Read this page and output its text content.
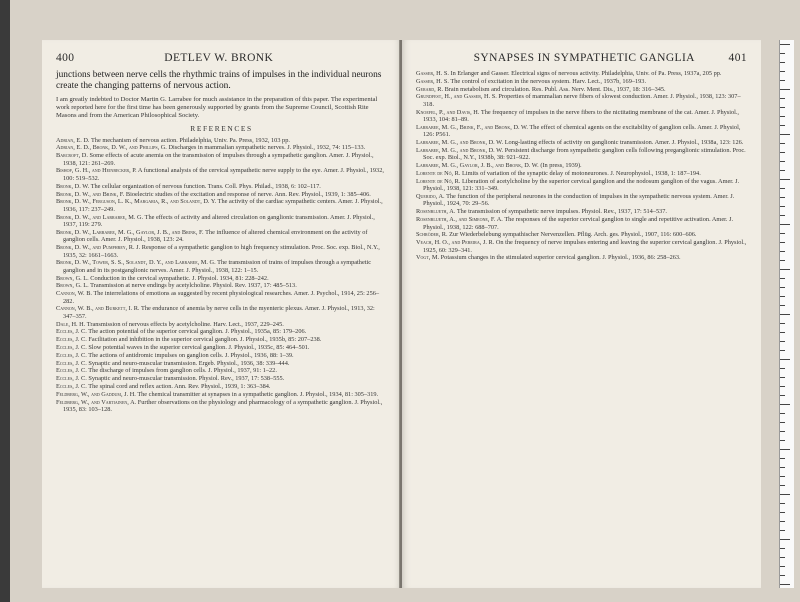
400	DETLEV W. BRONK

junctions between nerve cells the rhythmic trains of impulses in the individual neurons create the changing patterns of nervous action.

I am greatly indebted to Doctor Martin G. Larrabee for much assistance in the preparation of this paper. The experimental work reported here for the first time has been generously supported by grants from the Supreme Council, Scottish Rite Masons and from the American Philosophical Society.

REFERENCES
Adrian, E. D. The mechanism of nervous action. Philadelphia, Univ. Pa. Press, 1932, 103 pp.
Adrian, E. D., Bronk, D. W., and Phillips, G. Discharges in mammalian sympathetic nerves. J. Physiol., 1932, 74: 115–133.
Barcroft, D. Some effects of acute anemia on the transmission of impulses through a sympathetic ganglion. Amer. J. Physiol., 1938, 121: 261–269.
Bishop, G. H., and Heinbecker, P. A functional analysis of the cervical sympathetic nerve supply to the eye. Amer. J. Physiol., 1932, 100: 519–532.
Bronk, D. W. The cellular organization of nervous function. Trans. Coll. Phys. Philad., 1938, 6: 102–117.
Bronk, D. W., and Brink, F. Bioelectric studies of the excitation and response of nerve. Ann. Rev. Physiol., 1939, 1: 385–406.
Bronk, D. W., Ferguson, L. K., Margaria, R., and Solandt, D. Y. The activity of the cardiac sympathetic centers. Amer. J. Physiol., 1936, 117: 237–249.
Bronk, D. W., and Larrabee, M. G. The effects of activity and altered circulation on ganglionic transmission. Amer. J. Physiol., 1937, 119: 279.
Bronk, D. W., Larrabee, M. G., Gaylor, J. B., and Brink, F. The influence of altered chemical environment on the activity of ganglion cells. Amer. J. Physiol., 1938, 123: 24.
Bronk, D. W., and Pumphrey, R. J. Response of a sympathetic ganglion to high frequency stimulation. Proc. Soc. exp. Biol., N.Y., 1935, 32: 1661–1663.
Bronk, D. W., Tower, S. S., Solandt, D. Y., and Larrabee, M. G. The transmission of trains of impulses through a sympathetic ganglion and in its postganglionic nerves. Amer. J. Physiol., 1938, 122: 1–15.
Brown, G. L. Conduction in the cervical sympathetic. J. Physiol. 1934, 81: 228–242.
Brown, G. L. Transmission at nerve endings by acetylcholine. Physiol. Rev. 1937, 17: 485–513.
Cannon, W. B. The interrelations of emotions as suggested by recent physiological researches. Amer. J. Psychol., 1914, 25: 256–282.
Cannon, W. B., and Burkett, I. R. The endurance of anemia by nerve cells in the myenteric plexus. Amer. J. Physiol., 1913, 32: 347–357.
Dale, H. H. Transmission of nervous effects by acetylcholine. Harv. Lect., 1937, 229–245.
Eccles, J. C. The action potential of the superior cervical ganglion. J. Physiol., 1935a, 85: 179–206.
Eccles, J. C. Facilitation and inhibition in the superior cervical ganglion. J. Physiol., 1935b, 85: 207–238.
Eccles, J. C. Slow potential waves in the superior cervical ganglion. J. Physiol., 1935c, 85: 464–501.
Eccles, J. C. The actions of antidromic impulses on ganglion cells. J. Physiol., 1936, 88: 1–39.
Eccles, J. C. Synaptic and neuro-muscular transmission. Ergeb. Physiol., 1936, 38: 339–444.
Eccles, J. C. The discharge of impulses from ganglion cells. J. Physiol., 1937, 91: 1–22.
Eccles, J. C. Synaptic and neuro-muscular transmission. Physiol. Rev., 1937, 17: 538–555.
Eccles, J. C. The spinal cord and reflex action. Ann. Rev. Physiol., 1939, 1: 363–384.
Feldberg, W., and Gaddum, J. H. The chemical transmitter at synapses in a sympathetic ganglion. J. Physiol., 1934, 81: 305–319.
Feldberg, W., and Vartiainen, A. Further observations on the physiology and pharmacology of a sympathetic ganglion. J. Physiol., 1935, 83: 103–128.
SYNAPSES IN SYMPATHETIC GANGLIA	401
Gasser, H. S. In Erlanger and Gasser. Electrical signs of nervous activity. Philadelphia, Univ. of Pa. Press, 1937a, 205 pp.
Gasser, H. S. The control of excitation in the nervous system. Harv. Lect., 1937b, 169–193.
Gerard, R. Brain metabolism and circulation. Res. Publ. Ass. Nerv. Ment. Dis., 1937, 18: 316–345.
Grundfest, H., and Gasser, H. S. Properties of mammalian nerve fibers of slowest conduction. Amer. J. Physiol., 1938, 123: 307–318.
Knoefel, P., and Davis, H. The frequency of impulses in the nerve fibers to the nictitating membrane of the cat. Amer. J. Physiol., 1933, 104: 81–89.
Larrabee, M. G., Brink, F., and Bronk, D. W. The effect of chemical agents on the excitability of ganglion cells. Amer. J. Physiol, 126: P561.
Larrabee, M. G., and Bronk, D. W. Long-lasting effects of activity on ganglionic transmission. Amer. J. Physiol., 1938a, 123: 126.
Larrabee, M. G., and Bronk, D. W. Persistent discharge from sympathetic ganglion cells following preganglionic stimulation. Proc. Soc. exp. Biol., N.Y., 1938b, 38: 921–922.
Larrabee, M. G., Gaylor, J. B., and Bronk, D. W. (In press, 1939).
Lorente de Nó, R. Limits of variation of the synaptic delay of motoneurones. J. Neurophysiol., 1938, 1: 187–194.
Lorente de Nó, R. Liberation of acetylcholine by the superior cervical ganglion and the nodosum ganglion of the vagus. Amer. J. Physiol., 1938, 121: 331–349.
Querido, A. The function of the peripheral neurones in the conduction of impulses in the sympathetic nervous system. Amer. J. Physiol., 1924, 70: 29–56.
Rosenblueth, A. The transmission of sympathetic nerve impulses. Physiol. Rev., 1937, 17: 514–537.
Rosenblueth, A., and Simeone, F. A. The responses of the superior cervical ganglion to single and repetitive activation. Amer. J. Physiol., 1938, 122: 688–707.
Schröder, R. Zur Wiederbelebung sympathischer Nervenzellen. Pflüg. Arch. ges. Physiol., 1907, 116: 600–606.
Veach, H. O., and Pereira, J. R. On the frequency of nerve impulses entering and leaving the superior cervical ganglion. J. Physiol., 1925, 60: 329–341.
Vogt, M. Potassium changes in the stimulated superior cervical ganglion. J. Physiol., 1936, 86: 258–263.
